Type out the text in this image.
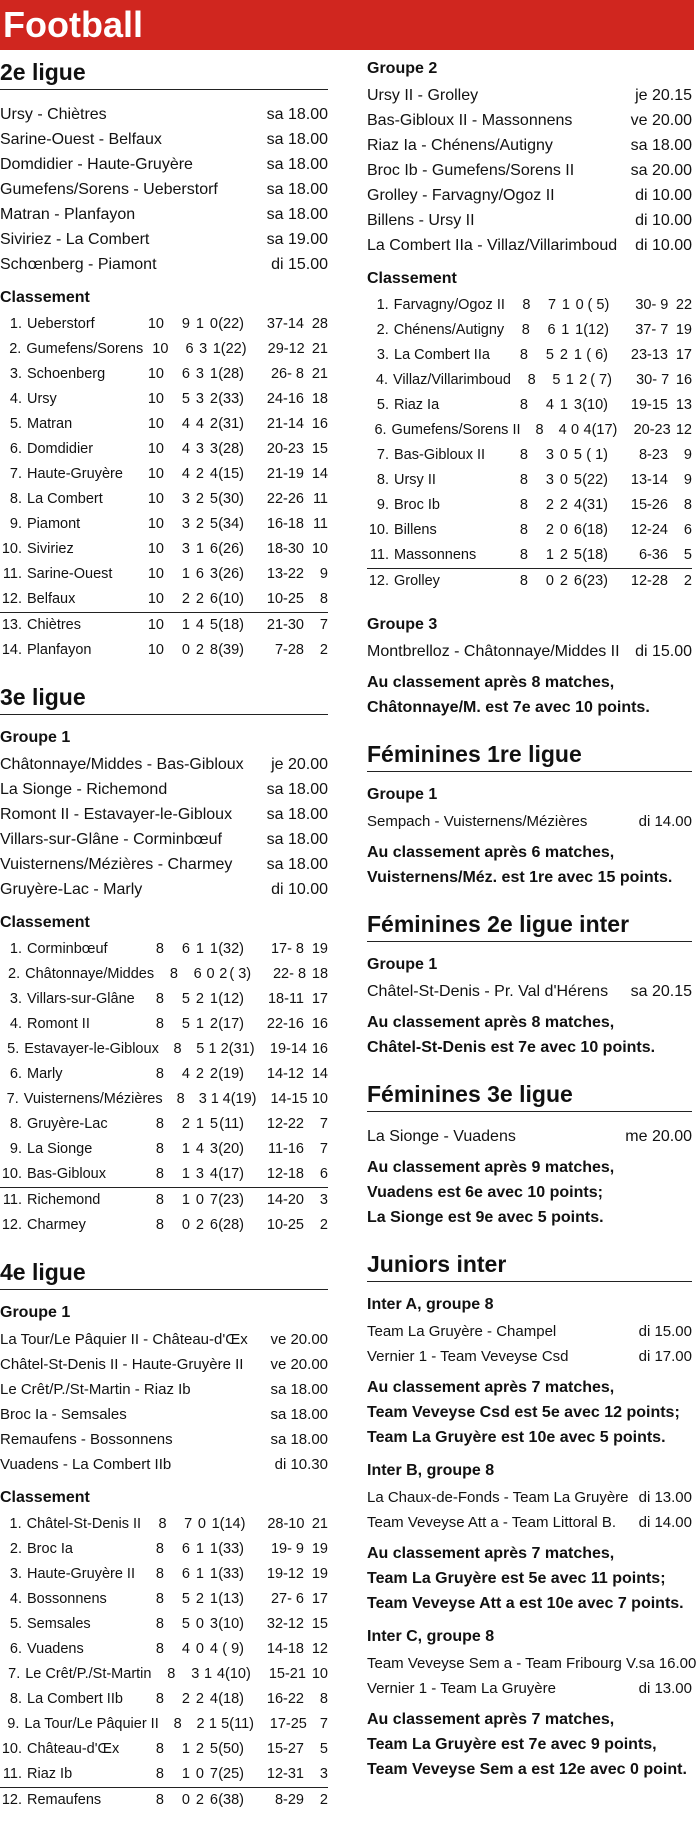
Football
2e ligue
Ursy - Chiètres	sa 18.00
Sarine-Ouest - Belfaux	sa 18.00
Domdidier - Haute-Gruyère	sa 18.00
Gumefens/Sorens - Ueberstorf	sa 18.00
Matran - Planfayon	sa 18.00
Siviriez - La Combert	sa 19.00
Schœnberg - Piamont	di 15.00
Classement
1. Ueberstorf	10	9 1 0 (22)	37-14 28
2. Gumefens/Sorens 10	6 3 1 (22)	29-12 21
3. Schoenberg	10	6 3 1 (28)	26- 8 21
4. Ursy	10	5 3 2 (33)	24-16 18
5. Matran	10	4 4 2 (31)	21-14 16
6. Domdidier	10	4 3 3 (28)	20-23 15
7. Haute-Gruyère	10	4 2 4 (15)	21-19 14
8. La Combert	10	3 2 5 (30)	22-26 11
9. Piamont	10	3 2 5 (34)	16-18 11
10. Siviriez	10	3 1 6 (26)	18-30 10
11. Sarine-Ouest	10	1 6 3 (26)	13-22	9
12. Belfaux	10	2 2 6 (10)	10-25	8
13. Chiètres	10	1 4 5 (18)	21-30	7
14. Planfayon	10	0 2 8 (39)	7-28	2
3e ligue
Groupe 1
Châtonnaye/Middes - Bas-Gibloux je 20.00
La Sionge - Richemond	sa 18.00
Romont II - Estavayer-le-Gibloux sa 18.00
Villars-sur-Glâne - Corminbœuf	sa 18.00
Vuisternens/Mézières - Charmey sa 18.00
Gruyère-Lac - Marly	di 10.00
Classement
1. Corminbœuf	8	6 1 1 (32)	17- 8 19
2. Châtonnaye/Middes	8	6 0 2 ( 3)	22- 8 18
3. Villars-sur-Glâne	8	5 2 1 (12)	18-11 17
4. Romont II	8	5 1 2 (17)	22-16 16
5. Estavayer-le-Gibloux	8	5 1 2 (31)	19-14 16
6. Marly	8	4 2 2 (19)	14-12 14
7. Vuisternens/Mézières 8 3 1 4 (19) 14-15 10
8. Gruyère-Lac	8	2 1 5 (11)	12-22	7
9. La Sionge	8	1 4 3 (20)	11-16	7
10. Bas-Gibloux	8	1 3 4 (17)	12-18	6
11. Richemond	8	1 0 7 (23)	14-20	3
12. Charmey	8	0 2 6 (28)	10-25	2
4e ligue
Groupe 1
La Tour/Le Pâquier II - Château-d'Œx ve 20.00
Châtel-St-Denis II - Haute-Gruyère II ve 20.00
Le Crêt/P./St-Martin - Riaz Ib	sa 18.00
Broc Ia - Semsales	sa 18.00
Remaufens - Bossonnens	sa 18.00
Vuadens - La Combert IIb	di 10.30
Classement
1. Châtel-St-Denis II	8	7 0 1 (14)	28-10 21
2. Broc Ia	8	6 1 1 (33)	19- 9 19
3. Haute-Gruyère II	8	6 1 1 (33)	19-12 19
4. Bossonnens	8	5 2 1 (13)	27- 6 17
5. Semsales	8	5 0 3 (10)	32-12 15
6. Vuadens	8	4 0 4 ( 9)	14-18 12
7. Le Crêt/P./St-Martin	8	3 1 4 (10)	15-21 10
8. La Combert IIb	8	2 2 4 (18)	16-22	8
9. La Tour/Le Pâquier II	8	2 1 5 (11)	17-25 7
10. Château-d'Œx	8	1 2 5 (50)	15-27	5
11. Riaz Ib	8	1 0 7 (25)	12-31	3
12. Remaufens	8	0 2 6 (38)	8-29	2
Groupe 2
Ursy II - Grolley	je 20.15
Bas-Gibloux II - Massonnens	ve 20.00
Riaz Ia - Chénens/Autigny	sa 18.00
Broc Ib - Gumefens/Sorens II	sa 20.00
Grolley - Farvagny/Ogoz II	di 10.00
Billens - Ursy II	di 10.00
La Combert IIa - Villaz/Villarimboud di 10.00
Classement
1. Farvagny/Ogoz II	8	7 1 0 ( 5)	30- 9 22
2. Chénens/Autigny	8	6 1 1 (12)	37- 7 19
3. La Combert IIa	8	5 2 1 ( 6)	23-13 17
4. Villaz/Villarimboud	8	5 1 2 ( 7)	30- 7 16
5. Riaz Ia	8	4 1 3 (10)	19-15 13
6. Gumefens/Sorens II	8	4 0 4 (17)	20-23 12
7. Bas-Gibloux II	8	3 0 5 ( 1)	8-23	9
8. Ursy II	8	3 0 5 (22)	13-14	9
9. Broc Ib	8	2 2 4 (31)	15-26	8
10. Billens	8	2 0 6 (18)	12-24	6
11. Massonnens	8	1 2 5 (18)	6-36	5
12. Grolley	8	0 2 6 (23)	12-28	2
Groupe 3
Montbrelloz - Châtonnaye/Middes II di 15.00
Au classement après 8 matches,
Châtonnaye/M. est 7e avec 10 points.
Féminines 1re ligue
Groupe 1
Sempach - Vuisternens/Mézières	di 14.00
Au classement après 6 matches,
Vuisternens/Méz. est 1re avec 15 points.
Féminines 2e ligue inter
Groupe 1
Châtel-St-Denis - Pr. Val d'Hérens sa 20.15
Au classement après 8 matches,
Châtel-St-Denis est 7e avec 10 points.
Féminines 3e ligue
La Sionge - Vuadens	me 20.00
Au classement après 9 matches,
Vuadens est 6e avec 10 points;
La Sionge est 9e avec 5 points.
Juniors inter
Inter A, groupe 8
Team La Gruyère - Champel	di 15.00
Vernier 1 - Team Veveyse Csd	di 17.00
Au classement après 7 matches,
Team Veveyse Csd est 5e avec 12 points;
Team La Gruyère est 10e avec 5 points.
Inter B, groupe 8
La Chaux-de-Fonds - Team La Gruyère di 13.00
Team Veveyse Att a - Team Littoral B. di 14.00
Au classement après 7 matches,
Team La Gruyère est 5e avec 11 points;
Team Veveyse Att a est 10e avec 7 points.
Inter C, groupe 8
Team Veveyse Sem a - Team Fribourg V. sa 16.00
Vernier 1 - Team La Gruyère	di 13.00
Au classement après 7 matches,
Team La Gruyère est 7e avec 9 points,
Team Veveyse Sem a est 12e avec 0 point.
